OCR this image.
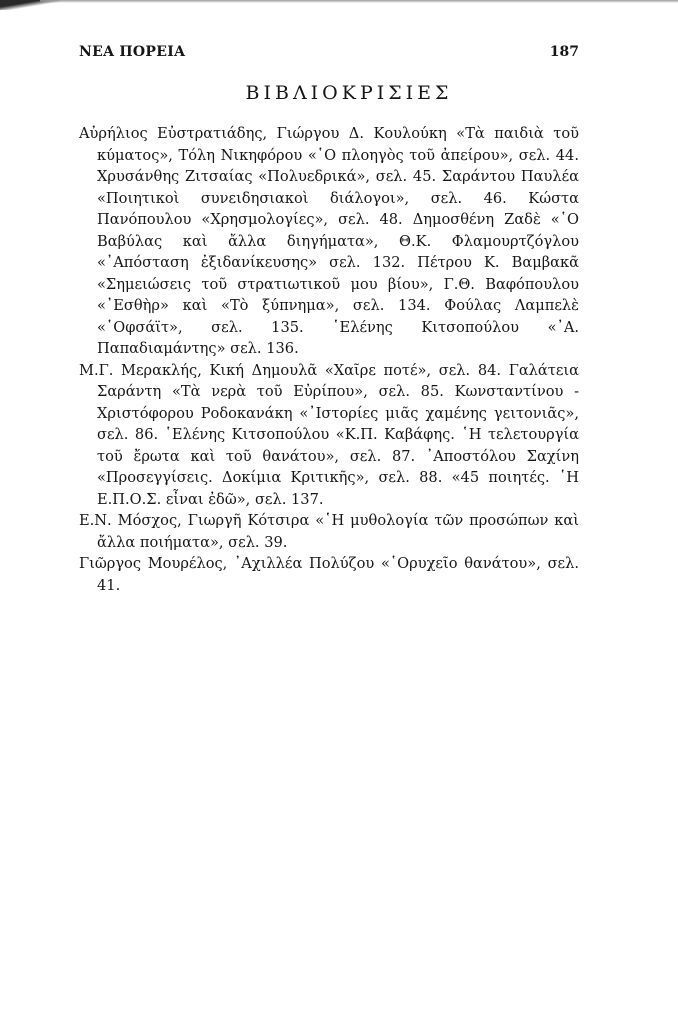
ΝΕΑ ΠΟΡΕΙΑ	187
ΒΙΒΛΙΟΚΡΙΣΙΕΣ

Αὐρήλιος Εὐστρατιάδης, Γιώργου Δ. Κουλούκη «Τὰ παιδιὰ τοῦ κύματος», Τόλη Νικηφόρου «῾Ο πλοηγὸς τοῦ ἀπείρου», σελ. 44. Χρυσάνθης Ζιτσαίας «Πολυεδρικά», σελ. 45. Σαράντου Παυλέα «Ποιητικοὶ συνειδησιακοὶ διάλογοι», σελ. 46. Κώστα Πανόπουλου «Χρησμολογίες», σελ. 48. Δημοσθένη Ζαδὲ «῾Ο Βαβύλας καὶ ἄλλα διηγήματα», Θ.Κ. Φλαμουρτζόγλου «᾿Απόσταση ἐξιδανίκευσης» σελ. 132. Πέτρου Κ. Βαμβακᾶ «Σημειώσεις τοῦ στρατιωτικοῦ μου βίου», Γ.Θ. Βαφόπουλου «᾿Εσθὴρ» καὶ «Τὸ ξύπνημα», σελ. 134. Φούλας Λαμπελὲ «῾Οφσάϊτ», σελ. 135. ῾Ελένης Κιτσοπούλου «᾿Α. Παπαδιαμάντης» σελ. 136.

Μ.Γ. Μερακλής, Κική Δημουλᾶ «Χαῖρε ποτέ», σελ. 84. Γαλάτεια Σαράντη «Τὰ νερὰ τοῦ Εὐρίπου», σελ. 85. Κωνσταντίνου - Χριστόφορου Ροδοκανάκη «᾿Ιστορίες μιᾶς χαμένης γειτονιᾶς», σελ. 86. ῾Ελένης Κιτσοπούλου «Κ.Π. Καβάφης. ῾Η τελετουργία τοῦ ἔρωτα καὶ τοῦ θανάτου», σελ. 87. ᾿Αποστόλου Σαχίνη «Προσεγγίσεις. Δοκίμια Κριτικῆς», σελ. 88. «45 ποιητές. ῾Η Ε.Π.Ο.Σ. εἶναι ἐδῶ», σελ. 137.

Ε.Ν. Μόσχος, Γιωργῆ Κότσιρα «῾Η μυθολογία τῶν προσώπων καὶ ἄλλα ποιήματα», σελ. 39.

Γιῶργος Μουρέλος, ᾿Αχιλλέα Πολύζου «῾Ορυχεῖο θανάτου», σελ. 41.
